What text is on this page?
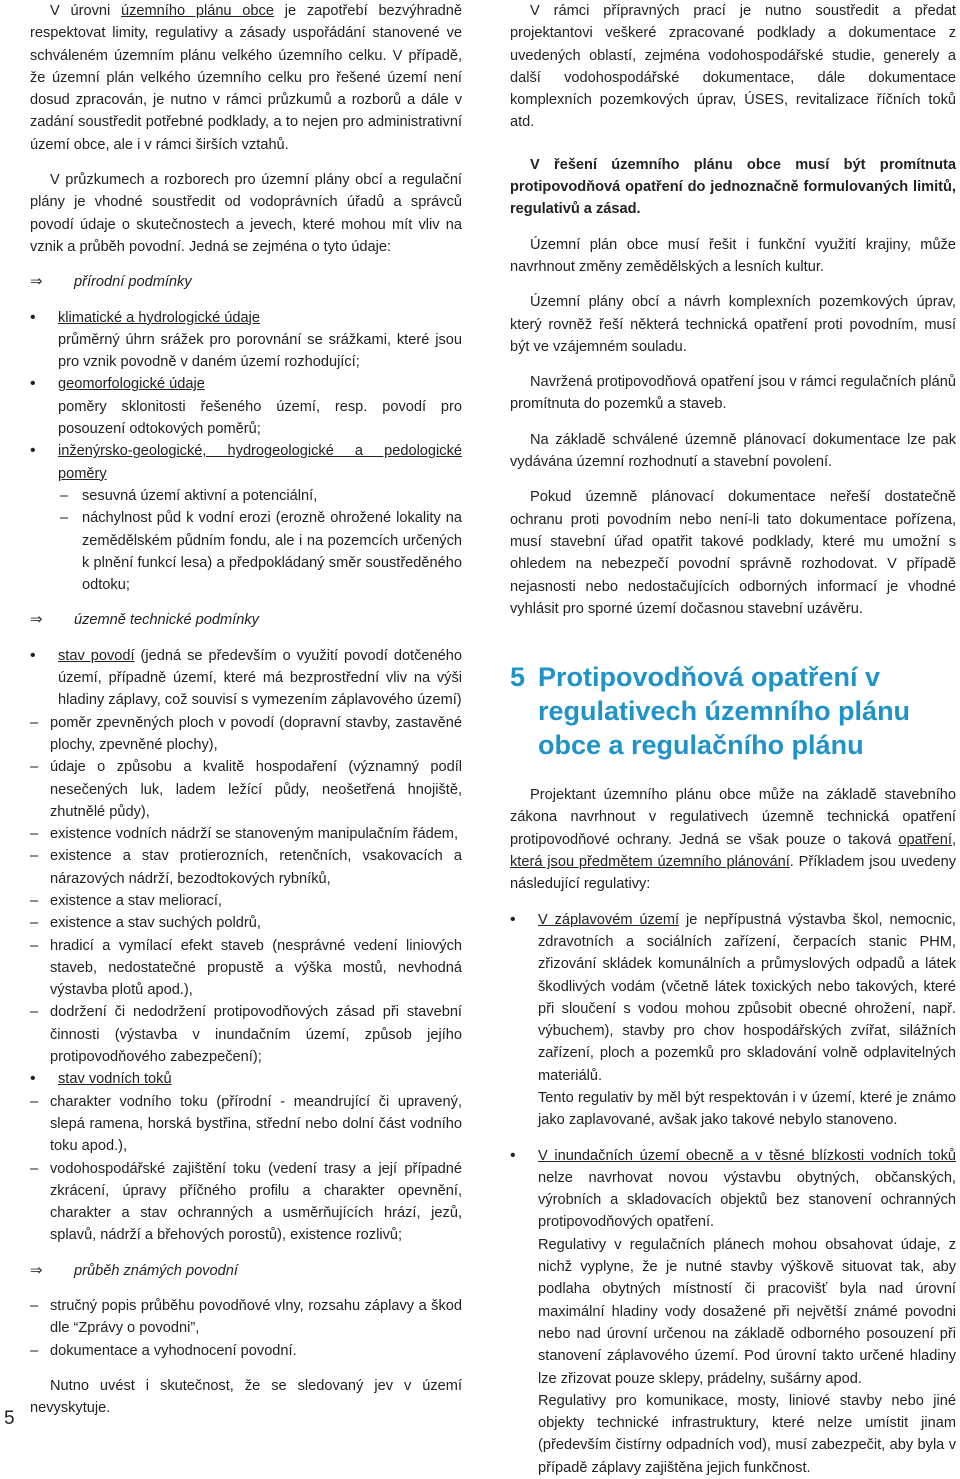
V úrovni územního plánu obce je zapotřebí bezvýhradně respektovat limity, regulativy a zásady uspořádání stanovené ve schváleném územním plánu velkého územního celku. V případě, že územní plán velkého územního celku pro řešené území není dosud zpracován, je nutno v rámci průzkumů a rozborů a dále v zadání soustředit potřebné podklady, a to nejen pro administrativní území obce, ale i v rámci širších vztahů.

V průzkumech a rozborech pro územní plány obcí a regulační plány je vhodné soustředit od vodoprávních úřadů a správců povodí údaje o skutečnostech a jevech, které mohou mít vliv na vznik a průběh povodní. Jedná se zejména o tyto údaje:

⇒ přírodní podmínky
• klimatické a hydrologické údaje
průměrný úhrn srážek pro porovnání se srážkami, které jsou pro vznik povodně v daném území rozhodující;
• geomorfologické údaje
poměry sklonitosti řešeného území, resp. povodí pro posouzení odtokových poměrů;
• inženýrsko-geologické, hydrogeologické a pedologické poměry
– sesuvná území aktivní a potenciální,
– náchylnost půd k vodní erozi (erozně ohrožené lokality na zemědělském půdním fondu, ale i na pozemcích určených k plnění funkcí lesa) a předpokládaný směr soustředěného odtoku;
⇒ územně technické podmínky
• stav povodí (jedná se především o využití povodí dotčeného území, případně území, které má bezprostřední vliv na výši hladiny záplavy, což souvisí s vymezením záplavového území)
– poměr zpevněných ploch v povodí (dopravní stavby, zastavěné plochy, zpevněné plochy),
– údaje o způsobu a kvalitě hospodaření (významný podíl nesečených luk, ladem ležící půdy, neošetřená hnojiště, zhutnělé půdy),
– existence vodních nádrží se stanoveným manipulačním řádem,
– existence a stav protierozních, retenčních, vsakovacích a nárazových nádrží, bezodtokových rybníků,
– existence a stav meliorací,
– existence a stav suchých poldrů,
– hradicí a vymílací efekt staveb (nesprávné vedení liniových staveb, nedostatečné propustě a výška mostů, nevhodná výstavba plotů apod.),
– dodržení či nedodržení protipovodňových zásad při stavební činnosti (výstavba v inundačním území, způsob jejího protipovodňového zabezpečení);
• stav vodních toků
– charakter vodního toku (přírodní - meandrující či upravený, slepá ramena, horská bystřina, střední nebo dolní část vodního toku apod.),
– vodohospodářské zajištění toku (vedení trasy a její případné zkrácení, úpravy příčného profilu a charakter opevnění, charakter a stav ochranných a usměrňujících hrází, jezů, splavů, nádrží a břehových porostů), existence rozlivů;
⇒ průběh známých povodní
– stručný popis průběhu povodňové vlny, rozsahu záplavy a škod dle “Zprávy o povodni”,
– dokumentace a vyhodnocení povodní.

Nutno uvést i skutečnost, že se sledovaný jev v území nevyskytuje.

V rámci přípravných prací je nutno soustředit a předat projektantovi veškeré zpracované podklady a dokumentace z uvedených oblastí, zejména vodohospodářské studie, generely a další vodohospodářské dokumentace, dále dokumentace komplexních pozemkových úprav, ÚSES, revitalizace říčních toků atd.

V řešení územního plánu obce musí být promítnuta protipovodňová opatření do jednoznačně formulovaných limitů, regulativů a zásad.

Územní plán obce musí řešit i funkční využití krajiny, může navrhnout změny zemědělských a lesních kultur.

Územní plány obcí a návrh komplexních pozemkových úprav, který rovněž řeší některá technická opatření proti povodním, musí být ve vzájemném souladu.

Navržená protipovodňová opatření jsou v rámci regulačních plánů promítnuta do pozemků a staveb.

Na základě schválené územně plánovací dokumentace lze pak vydávána územní rozhodnutí a stavební povolení.

Pokud územně plánovací dokumentace neřeší dostatečně ochranu proti povodním nebo není-li tato dokumentace pořízena, musí stavební úřad opatřit takové podklady, které mu umožní s ohledem na nebezpečí povodní správně rozhodovat. V případě nejasnosti nebo nedostačujících odborných informací je vhodné vyhlásit pro sporné území dočasnou stavební uzávěru.

5 Protipovodňová opatření v regulativech územního plánu obce a regulačního plánu

Projektant územního plánu obce může na základě stavebního zákona navrhnout v regulativech územně technická opatření protipovodňové ochrany. Jedná se však pouze o taková opatření, která jsou předmětem územního plánování. Příkladem jsou uvedeny následující regulativy:

• V záplavovém území je nepřípustná výstavba škol, nemocnic, zdravotních a sociálních zařízení, čerpacích stanic PHM, zřizování skládek komunálních a průmyslových odpadů a látek škodlivých vodám (včetně látek toxických nebo takových, které při sloučení s vodou mohou způsobit obecné ohrožení, např. výbuchem), stavby pro chov hospodářských zvířat, silážních zařízení, ploch a pozemků pro skladování volně odplavitelných materiálů.
Tento regulativ by měl být respektován i v území, které je známo jako zaplavované, avšak jako takové nebylo stanoveno.
• V inundačních území obecně a v těsné blízkosti vodních toků nelze navrhovat novou výstavbu obytných, občanských, výrobních a skladovacích objektů bez stanovení ochranných protipovodňových opatření.
Regulativy v regulačních plánech mohou obsahovat údaje, z nichž vyplyne, že je nutné stavby výškově situovat tak, aby podlaha obytných místností či pracovišť byla nad úrovní maximální hladiny vody dosažené při největší známé povodni nebo nad úrovní určenou na základě odborného posouzení při stanovení záplavového území. Pod úrovní takto určené hladiny lze zřizovat pouze sklepy, prádelny, sušárny apod.
Regulativy pro komunikace, mosty, liniové stavby nebo jiné objekty technické infrastruktury, které nelze umístit jinam (především čistírny odpadních vod), musí zabezpečit, aby byla v případě záplavy zajištěna jejich funkčnost.
5
